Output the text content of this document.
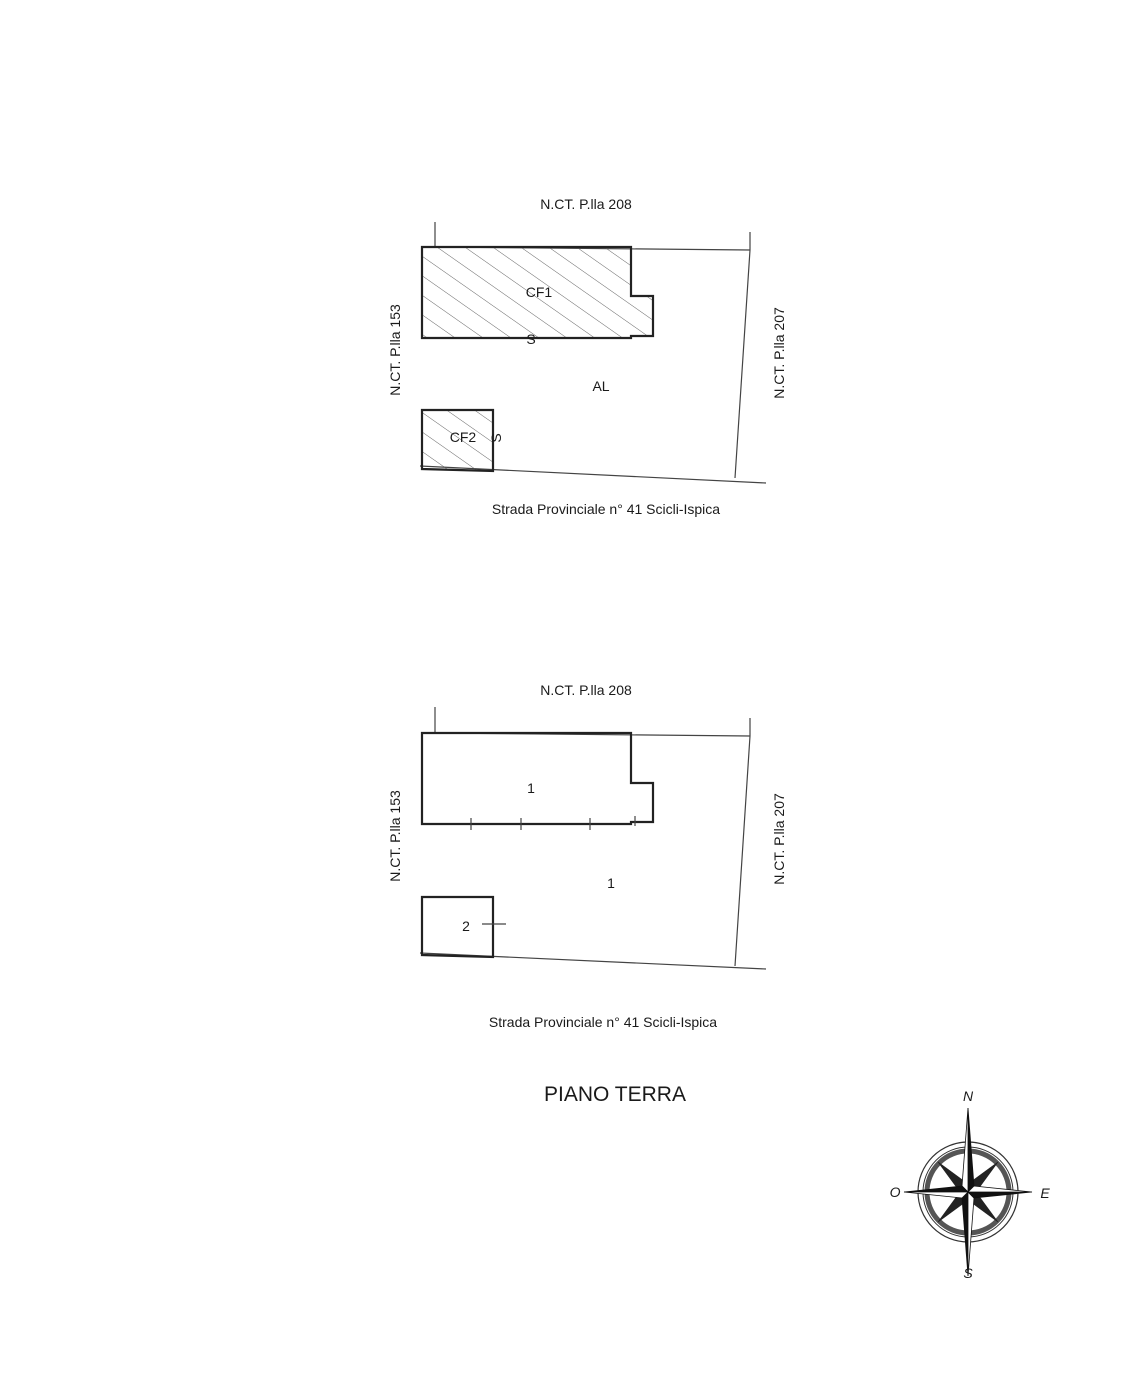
N.CT. P.lla 208
CF1
S
CF2 S
AL
N.CT. P.lla 153	N.CT. P.lla 207
Strada Provinciale n° 41 Scicli-Ispica
N.CT. P.lla 208
1
2
1
N.CT. P.lla 153	N.CT. P.lla 207
Strada Provinciale n° 41 Scicli-Ispica
PIANO TERRA	N
E
S
O
